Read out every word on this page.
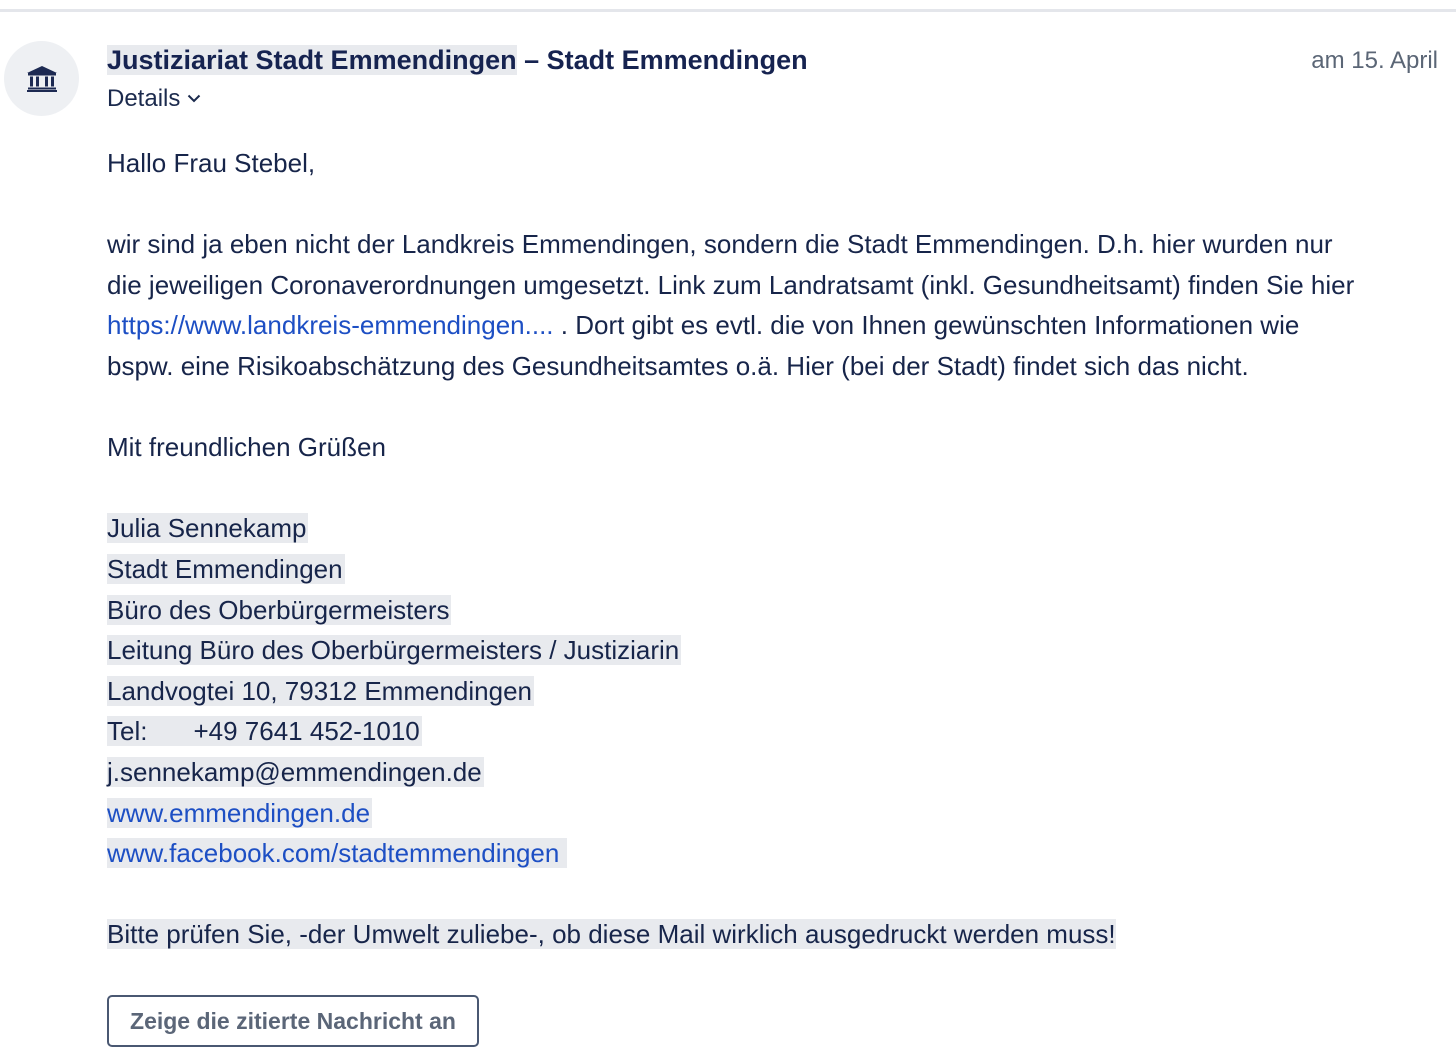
Justiziariat Stadt Emmendingen – Stadt Emmendingen	am 15. April
Details

Hallo Frau Stebel,

wir sind ja eben nicht der Landkreis Emmendingen, sondern die Stadt Emmendingen. D.h. hier wurden nur die jeweiligen Coronaverordnungen umgesetzt. Link zum Landratsamt (inkl. Gesundheitsamt) finden Sie hier https://www.landkreis-emmendingen.... . Dort gibt es evtl. die von Ihnen gewünschten Informationen wie bspw. eine Risikoabschätzung des Gesundheitsamtes o.ä. Hier (bei der Stadt) findet sich das nicht.

Mit freundlichen Grüßen

Julia Sennekamp
Stadt Emmendingen
Büro des Oberbürgermeisters
Leitung Büro des Oberbürgermeisters / Justiziarin
Landvogtei 10, 79312 Emmendingen
Tel: +49 7641 452-1010
j.sennekamp@emmendingen.de
www.emmendingen.de
www.facebook.com/stadtemmendingen

Bitte prüfen Sie, -der Umwelt zuliebe-, ob diese Mail wirklich ausgedruckt werden muss!

Zeige die zitierte Nachricht an
